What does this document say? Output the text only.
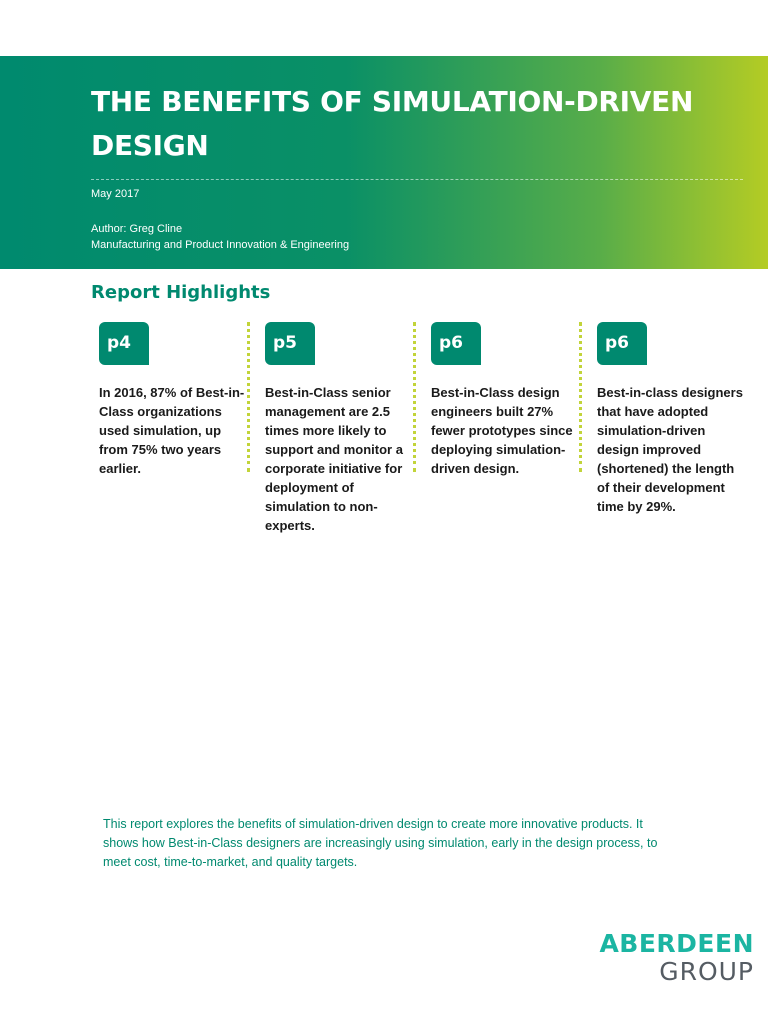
THE BENEFITS OF SIMULATION-DRIVEN DESIGN
May 2017
Author: Greg Cline
Manufacturing and Product Innovation & Engineering
Report Highlights
p4
In 2016, 87% of Best-in-Class organizations used simulation, up from 75% two years earlier.
p5
Best-in-Class senior management are 2.5 times more likely to support and monitor a corporate initiative for deployment of simulation to non-experts.
p6
Best-in-Class design engineers built 27% fewer prototypes since deploying simulation-driven design.
p6
Best-in-class designers that have adopted simulation-driven design improved (shortened) the length of their development time by 29%.
This report explores the benefits of simulation-driven design to create more innovative products. It shows how Best-in-Class designers are increasingly using simulation, early in the design process, to meet cost, time-to-market, and quality targets.
ABERDEEN
GROUP
